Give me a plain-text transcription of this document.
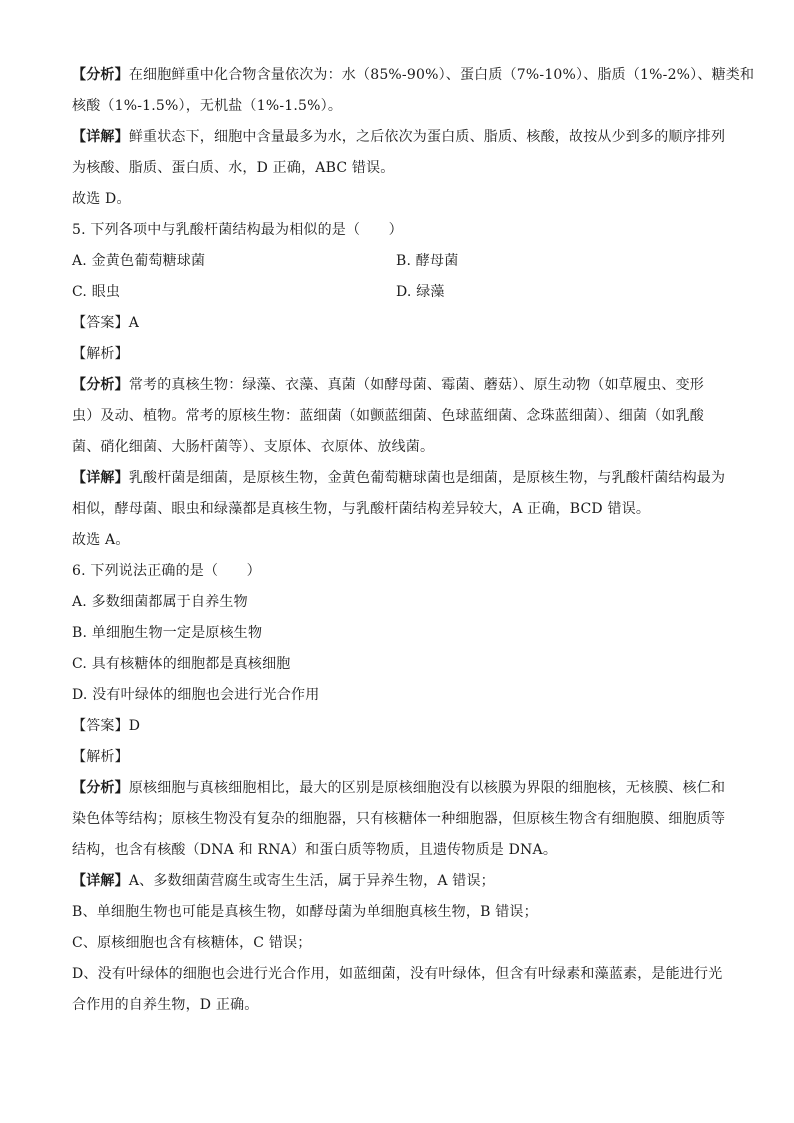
【分析】在细胞鲜重中化合物含量依次为：水（85%-90%）、蛋白质（7%-10%）、脂质（1%-2%）、糖类和
核酸（1%-1.5%），无机盐（1%-1.5%）。
【详解】鲜重状态下，细胞中含量最多为水，之后依次为蛋白质、脂质、核酸，故按从少到多的顺序排列
为核酸、脂质、蛋白质、水，D 正确，ABC 错误。
故选 D。
5. 下列各项中与乳酸杆菌结构最为相似的是（　　）
A. 金黄色葡萄糖球菌	B. 酵母菌
C. 眼虫	D. 绿藻
【答案】A
【解析】
【分析】常考的真核生物：绿藻、衣藻、真菌（如酵母菌、霉菌、蘑菇）、原生动物（如草履虫、变形
虫）及动、植物。常考的原核生物：蓝细菌（如颤蓝细菌、色球蓝细菌、念珠蓝细菌）、细菌（如乳酸
菌、硝化细菌、大肠杆菌等）、支原体、衣原体、放线菌。
【详解】乳酸杆菌是细菌，是原核生物，金黄色葡萄糖球菌也是细菌，是原核生物，与乳酸杆菌结构最为
相似，酵母菌、眼虫和绿藻都是真核生物，与乳酸杆菌结构差异较大，A 正确，BCD 错误。
故选 A。
6. 下列说法正确的是（　　）
A. 多数细菌都属于自养生物
B. 单细胞生物一定是原核生物
C. 具有核糖体的细胞都是真核细胞
D. 没有叶绿体的细胞也会进行光合作用
【答案】D
【解析】
【分析】原核细胞与真核细胞相比，最大的区别是原核细胞没有以核膜为界限的细胞核，无核膜、核仁和
染色体等结构；原核生物没有复杂的细胞器，只有核糖体一种细胞器，但原核生物含有细胞膜、细胞质等
结构，也含有核酸（DNA 和 RNA）和蛋白质等物质，且遗传物质是 DNA。
【详解】A、多数细菌营腐生或寄生生活，属于异养生物，A 错误；
B、单细胞生物也可能是真核生物，如酵母菌为单细胞真核生物，B 错误；
C、原核细胞也含有核糖体，C 错误；
D、没有叶绿体的细胞也会进行光合作用，如蓝细菌，没有叶绿体，但含有叶绿素和藻蓝素，是能进行光
合作用的自养生物，D 正确。
